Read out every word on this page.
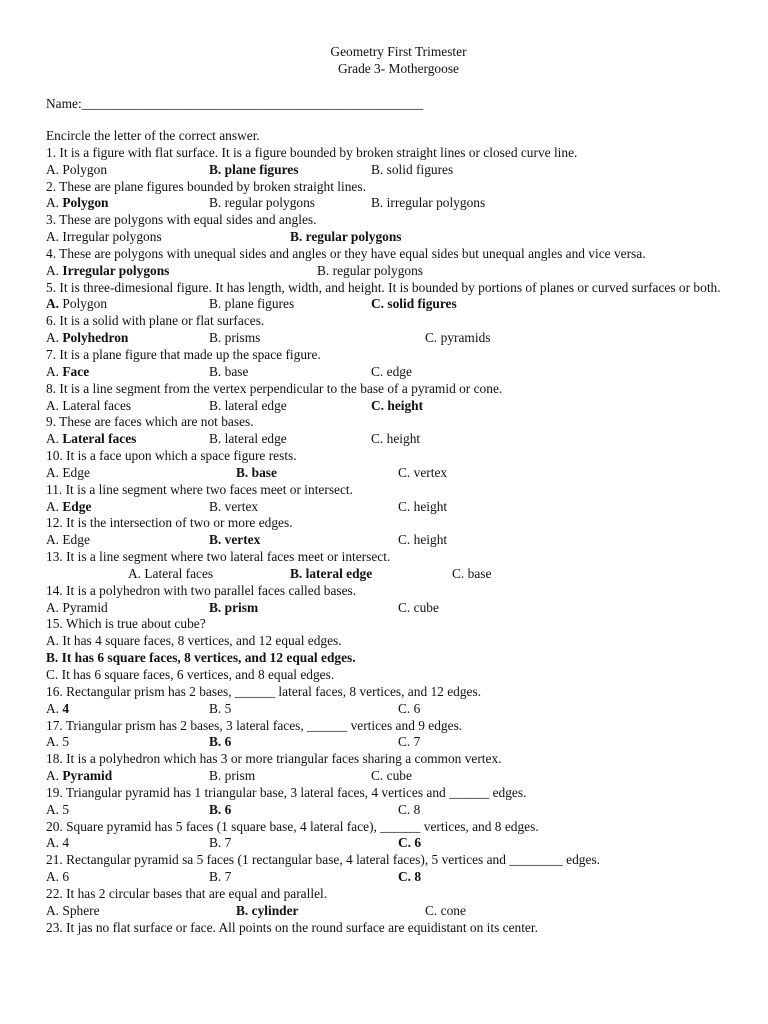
Geometry First Trimester
Grade 3- Mothergoose
Name:___________________________________________________
Encircle the letter of the correct answer.
1. It is a figure with flat surface. It is a figure bounded by broken straight lines or closed curve line.
A. Polygon	B. plane figures	B. solid figures
2. These are plane figures bounded by broken straight lines.
A. Polygon	B. regular polygons	B. irregular polygons
3. These are polygons with equal sides and angles.
A. Irregular polygons	B. regular polygons
4. These are polygons with unequal sides and angles or they have equal sides but unequal angles and vice versa.
A. Irregular polygons	B. regular polygons
5. It is three-dimesional figure. It has length, width, and height. It is bounded by portions of planes or curved surfaces or both.
A. Polygon	B. plane figures	C. solid figures
6. It is a solid with plane or flat surfaces.
A. Polyhedron	B. prisms	C. pyramids
7. It is a plane figure that made up the space figure.
A. Face	B. base	C. edge
8. It is a line segment from the vertex perpendicular to the base of a pyramid or cone.
A. Lateral faces	B. lateral edge	C. height
9. These are faces which are not bases.
A. Lateral faces	B. lateral edge	C. height
10. It is a face upon which a space figure rests.
A. Edge	B. base	C. vertex
11. It is a line segment where two faces meet or intersect.
A. Edge	B. vertex	C. height
12. It is the intersection of two or more edges.
A. Edge	B. vertex	C. height
13. It is a line segment where two lateral faces meet or intersect.
A. Lateral faces	B. lateral edge	C. base
14. It is a polyhedron with two parallel faces called bases.
A. Pyramid	B. prism	C. cube
15. Which is true about cube?
A. It has 4 square faces, 8 vertices, and 12 equal edges.
B. It has 6 square faces, 8 vertices, and 12 equal edges.
C. It has 6 square faces, 6 vertices, and 8 equal edges.
16. Rectangular prism has 2 bases, ______ lateral faces, 8 vertices, and 12 edges.
A. 4	B. 5	C. 6
17. Triangular prism has 2 bases, 3 lateral faces, ______ vertices and 9 edges.
A. 5	B. 6	C. 7
18. It is a polyhedron which has 3 or more triangular faces sharing a common vertex.
A. Pyramid	B. prism	C. cube
19. Triangular pyramid has 1 triangular base, 3 lateral faces, 4 vertices and ______ edges.
A. 5	B. 6	C. 8
20. Square pyramid has 5 faces (1 square base, 4 lateral face), ______ vertices, and 8 edges.
A. 4	B. 7	C. 6
21. Rectangular pyramid sa 5 faces (1 rectangular base, 4 lateral faces), 5 vertices and ________ edges.
A. 6	B. 7	C. 8
22. It has 2 circular bases that are equal and parallel.
A. Sphere	B. cylinder	C. cone
23. It jas no flat surface or face. All points on the round surface are equidistant on its center.
